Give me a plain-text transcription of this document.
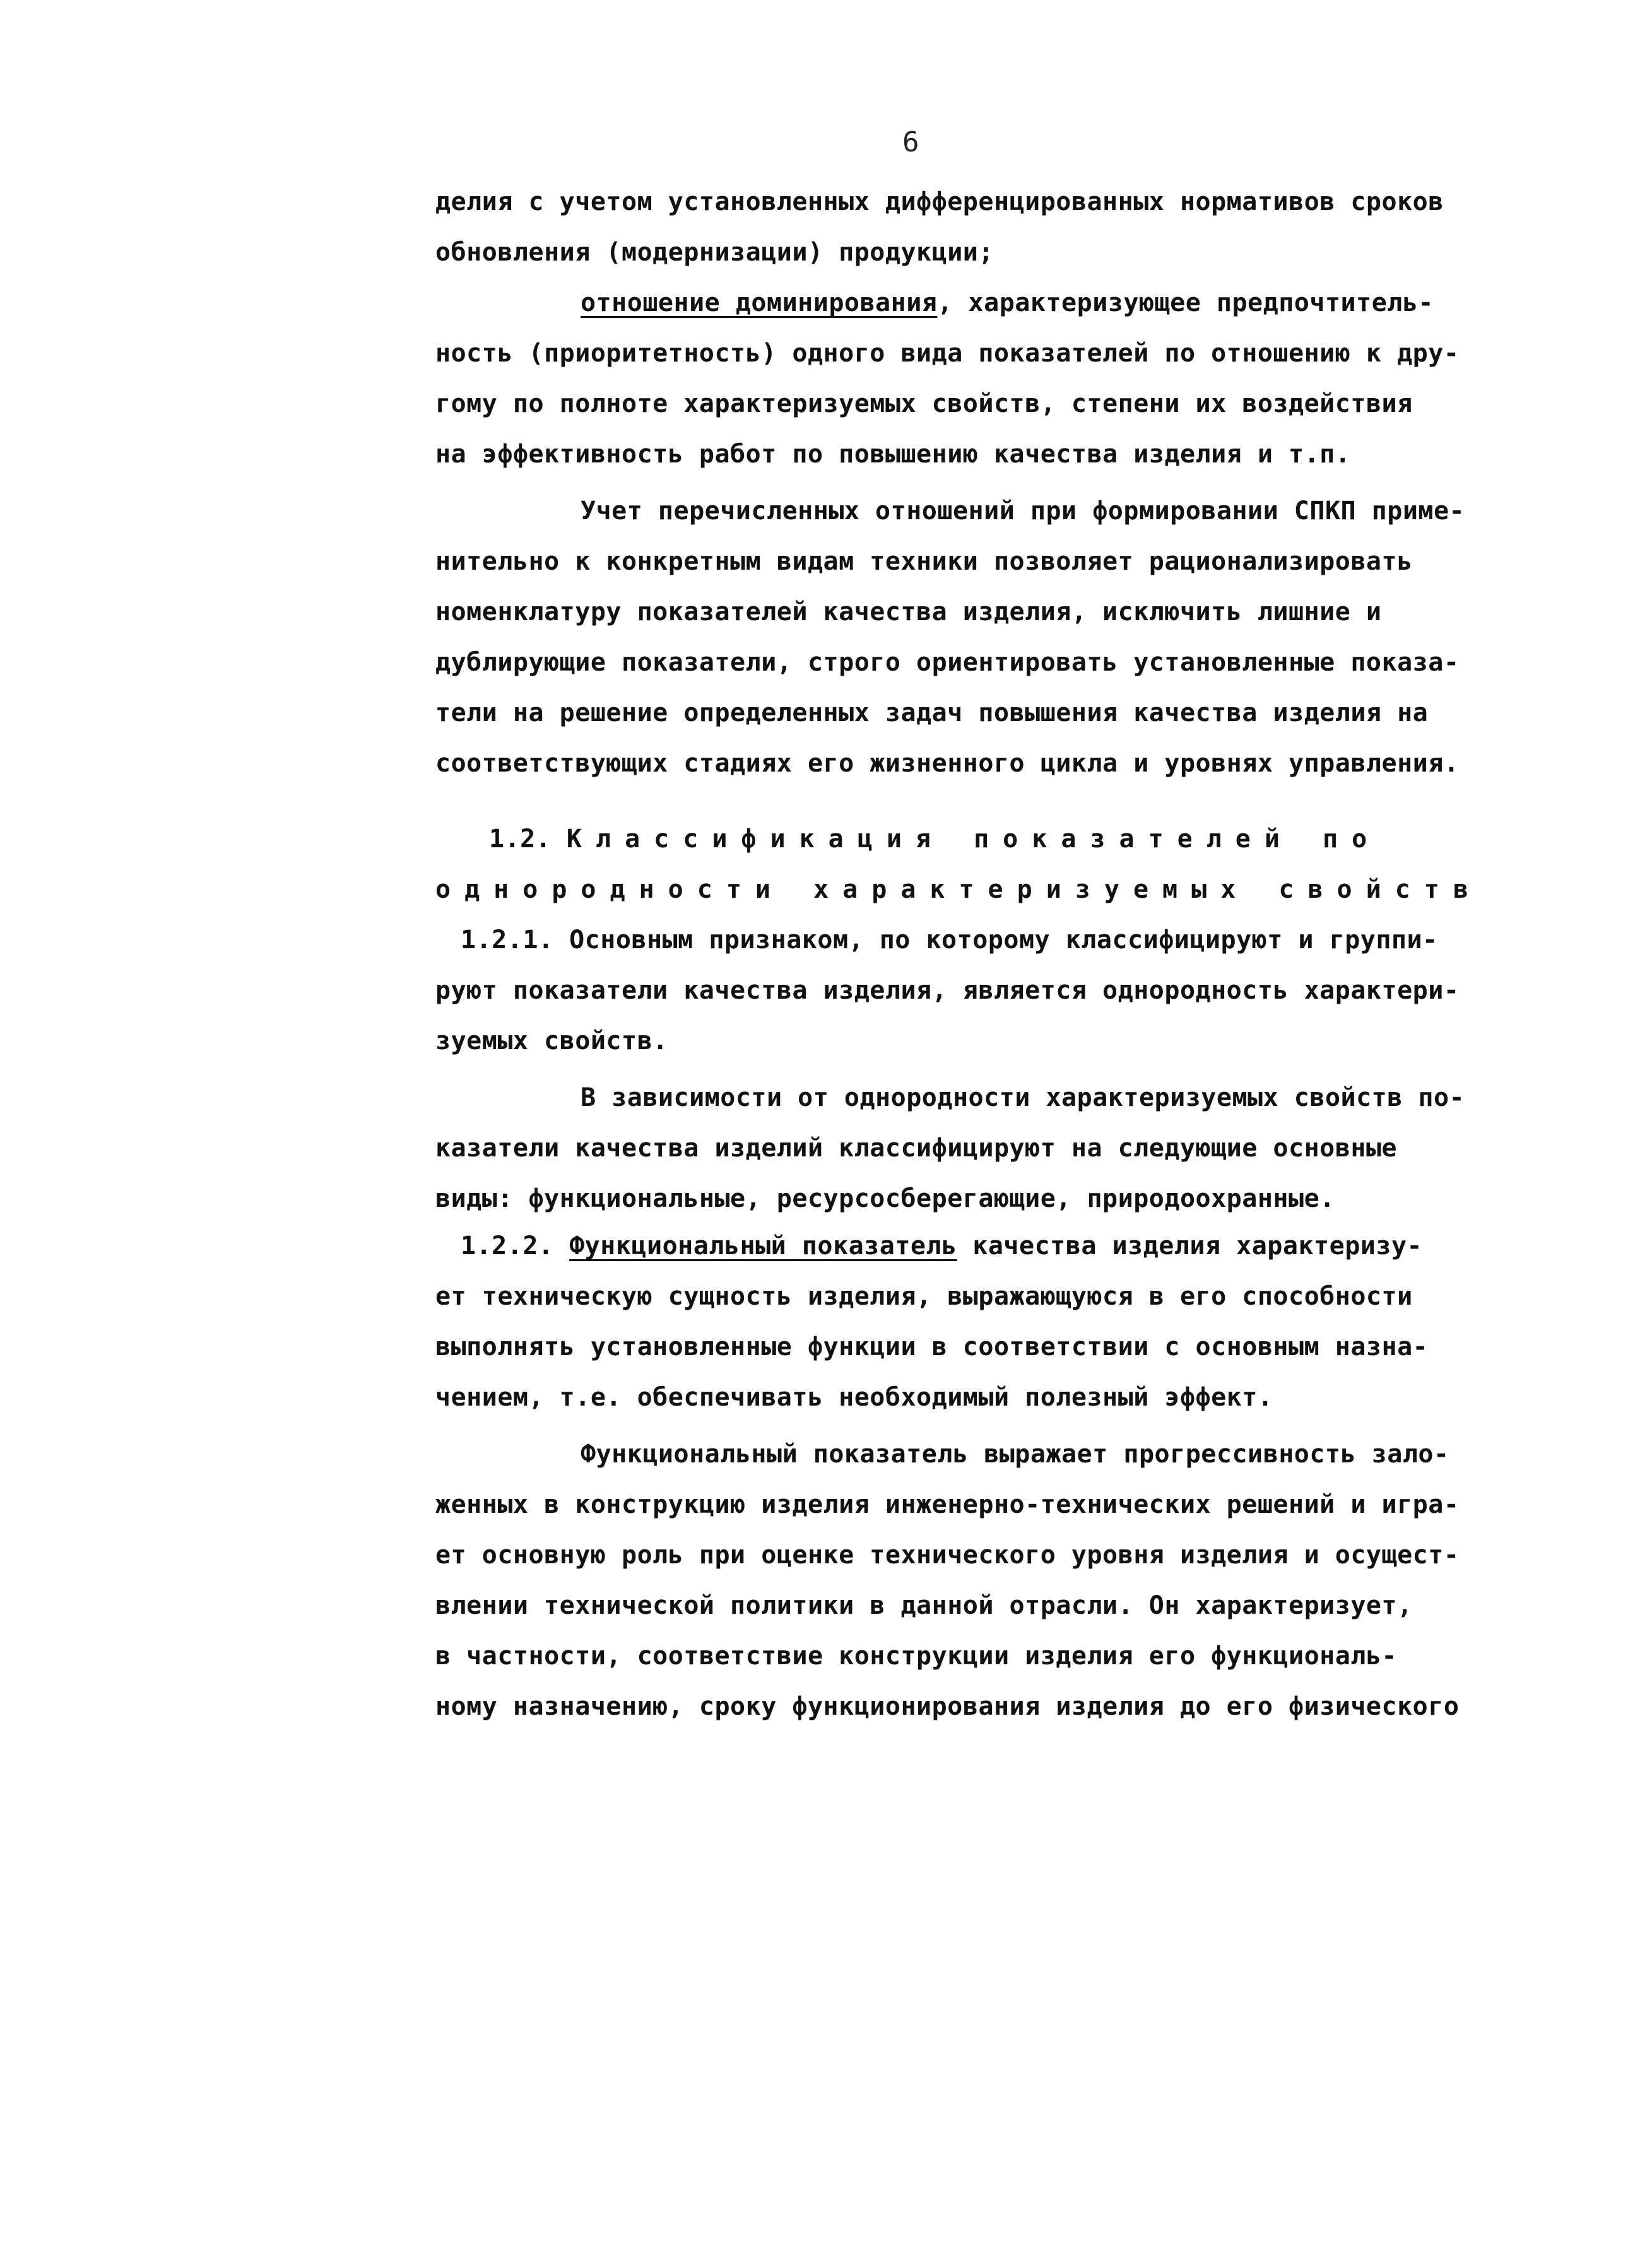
6
делия с учетом установленных дифференцированных нормативов сроков
обновления (модернизации) продукции;
отношение доминирования, характеризующее предпочтитель-
ность (приоритетность) одного вида показателей по отношению к дру-
гому по полноте характеризуемых свойств, степени их воздействия
на эффективность работ по повышению качества изделия и т.п.
Учет перечисленных отношений при формировании СПКП приме-
нительно к конкретным видам техники позволяет рационализировать
номенклатуру показателей качества изделия, исключить лишние и
дублирующие показатели, строго ориентировать установленные показа-
тели на решение определенных задач повышения качества изделия на
соответствующих стадиях его жизненного цикла и уровнях управления.
1.2. Классификация показателей по
однородности характеризуемых свойств
1.2.1. Основным признаком, по которому классифицируют и группи-
руют показатели качества изделия, является однородность характери-
зуемых свойств.
В зависимости от однородности характеризуемых свойств по-
казатели качества изделий классифицируют на следующие основные
виды: функциональные, ресурсосберегающие, природоохранные.
1.2.2. Функциональный показатель качества изделия характеризу-
ет техническую сущность изделия, выражающуюся в его способности
выполнять установленные функции в соответствии с основным назна-
чением, т.е. обеспечивать необходимый полезный эффект.
Функциональный показатель выражает прогрессивность зало-
женных в конструкцию изделия инженерно-технических решений и игра-
ет основную роль при оценке технического уровня изделия и осущест-
влении технической политики в данной отрасли. Он характеризует,
в частности, соответствие конструкции изделия его функциональ-
ному назначению, сроку функционирования изделия до его физического
